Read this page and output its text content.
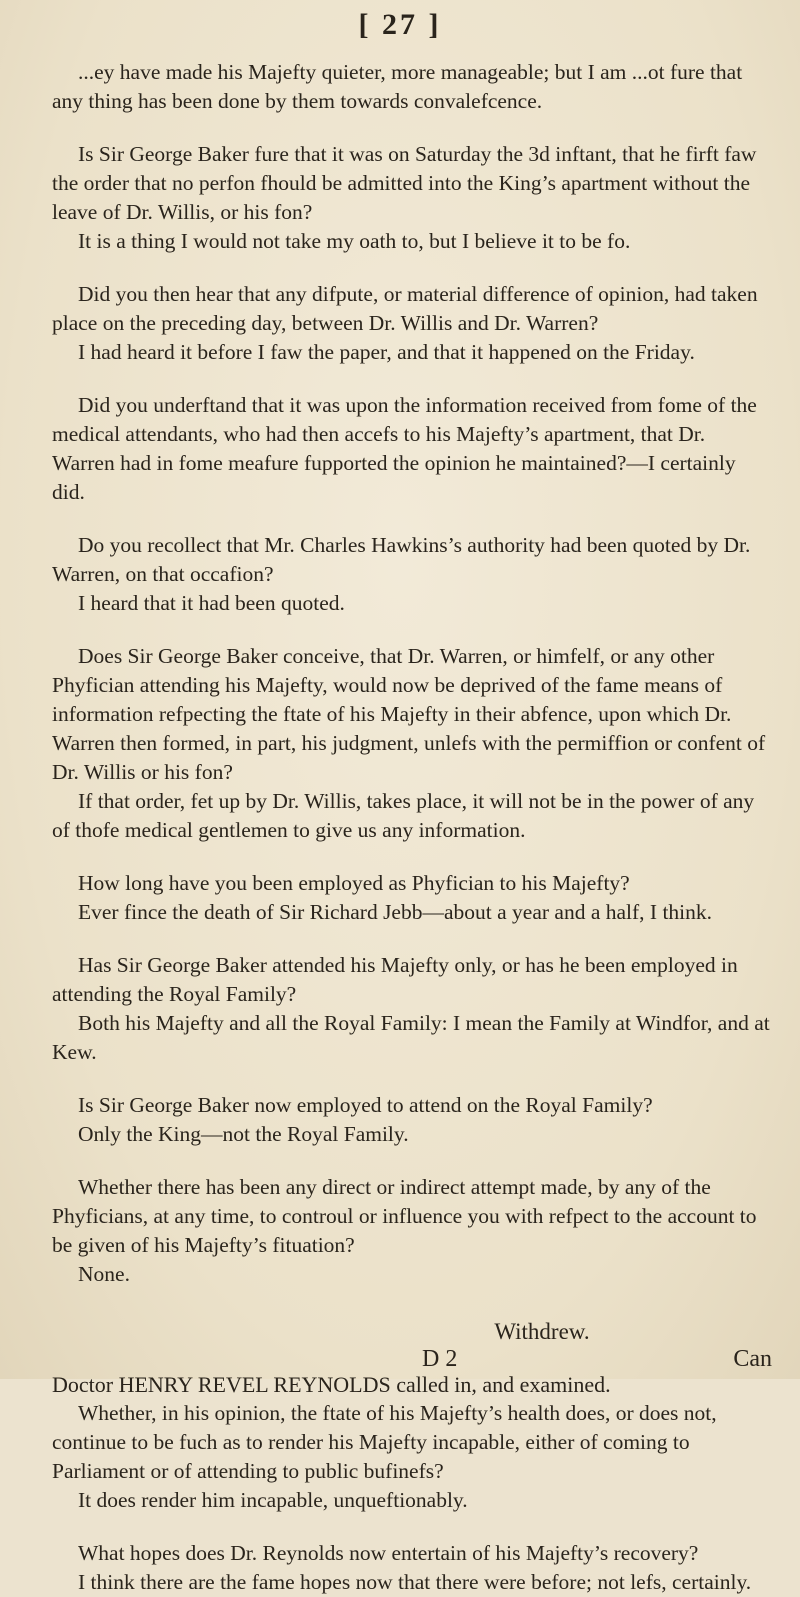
[ 27 ]

...ey have made his Majefty quieter, more manageable; but I am ...ot fure that any thing has been done by them towards convalefcence.

Is Sir George Baker fure that it was on Saturday the 3d inftant, that he firft faw the order that no perfon fhould be admitted into the King’s apartment without the leave of Dr. Willis, or his fon?

It is a thing I would not take my oath to, but I believe it to be fo.

Did you then hear that any difpute, or material difference of opinion, had taken place on the preceding day, between Dr. Willis and Dr. Warren?

I had heard it before I faw the paper, and that it happened on the Friday.

Did you underftand that it was upon the information received from fome of the medical attendants, who had then accefs to his Majefty’s apartment, that Dr. Warren had in fome meafure fupported the opinion he maintained?—I certainly did.

Do you recollect that Mr. Charles Hawkins’s authority had been quoted by Dr. Warren, on that occafion?

I heard that it had been quoted.

Does Sir George Baker conceive, that Dr. Warren, or himfelf, or any other Phyfician attending his Majefty, would now be deprived of the fame means of information refpecting the ftate of his Majefty in their abfence, upon which Dr. Warren then formed, in part, his judgment, unlefs with the permiffion or confent of Dr. Willis or his fon?

If that order, fet up by Dr. Willis, takes place, it will not be in the power of any of thofe medical gentlemen to give us any information.

How long have you been employed as Phyfician to his Majefty?

Ever fince the death of Sir Richard Jebb—about a year and a half, I think.

Has Sir George Baker attended his Majefty only, or has he been employed in attending the Royal Family?

Both his Majefty and all the Royal Family: I mean the Family at Windfor, and at Kew.

Is Sir George Baker now employed to attend on the Royal Family?

Only the King—not the Royal Family.

Whether there has been any direct or indirect attempt made, by any of the Phyficians, at any time, to controul or influence you with refpect to the account to be given of his Majefty’s fituation?

None.

Withdrew.

Doctor HENRY REVEL REYNOLDS called in, and examined.

Whether, in his opinion, the ftate of his Majefty’s health does, or does not, continue to be fuch as to render his Majefty incapable, either of coming to Parliament or of attending to public bufinefs?

It does render him incapable, unqueftionably.

What hopes does Dr. Reynolds now entertain of his Majefty’s recovery?

I think there are the fame hopes now that there were before; not lefs, certainly.

D 2	Can
